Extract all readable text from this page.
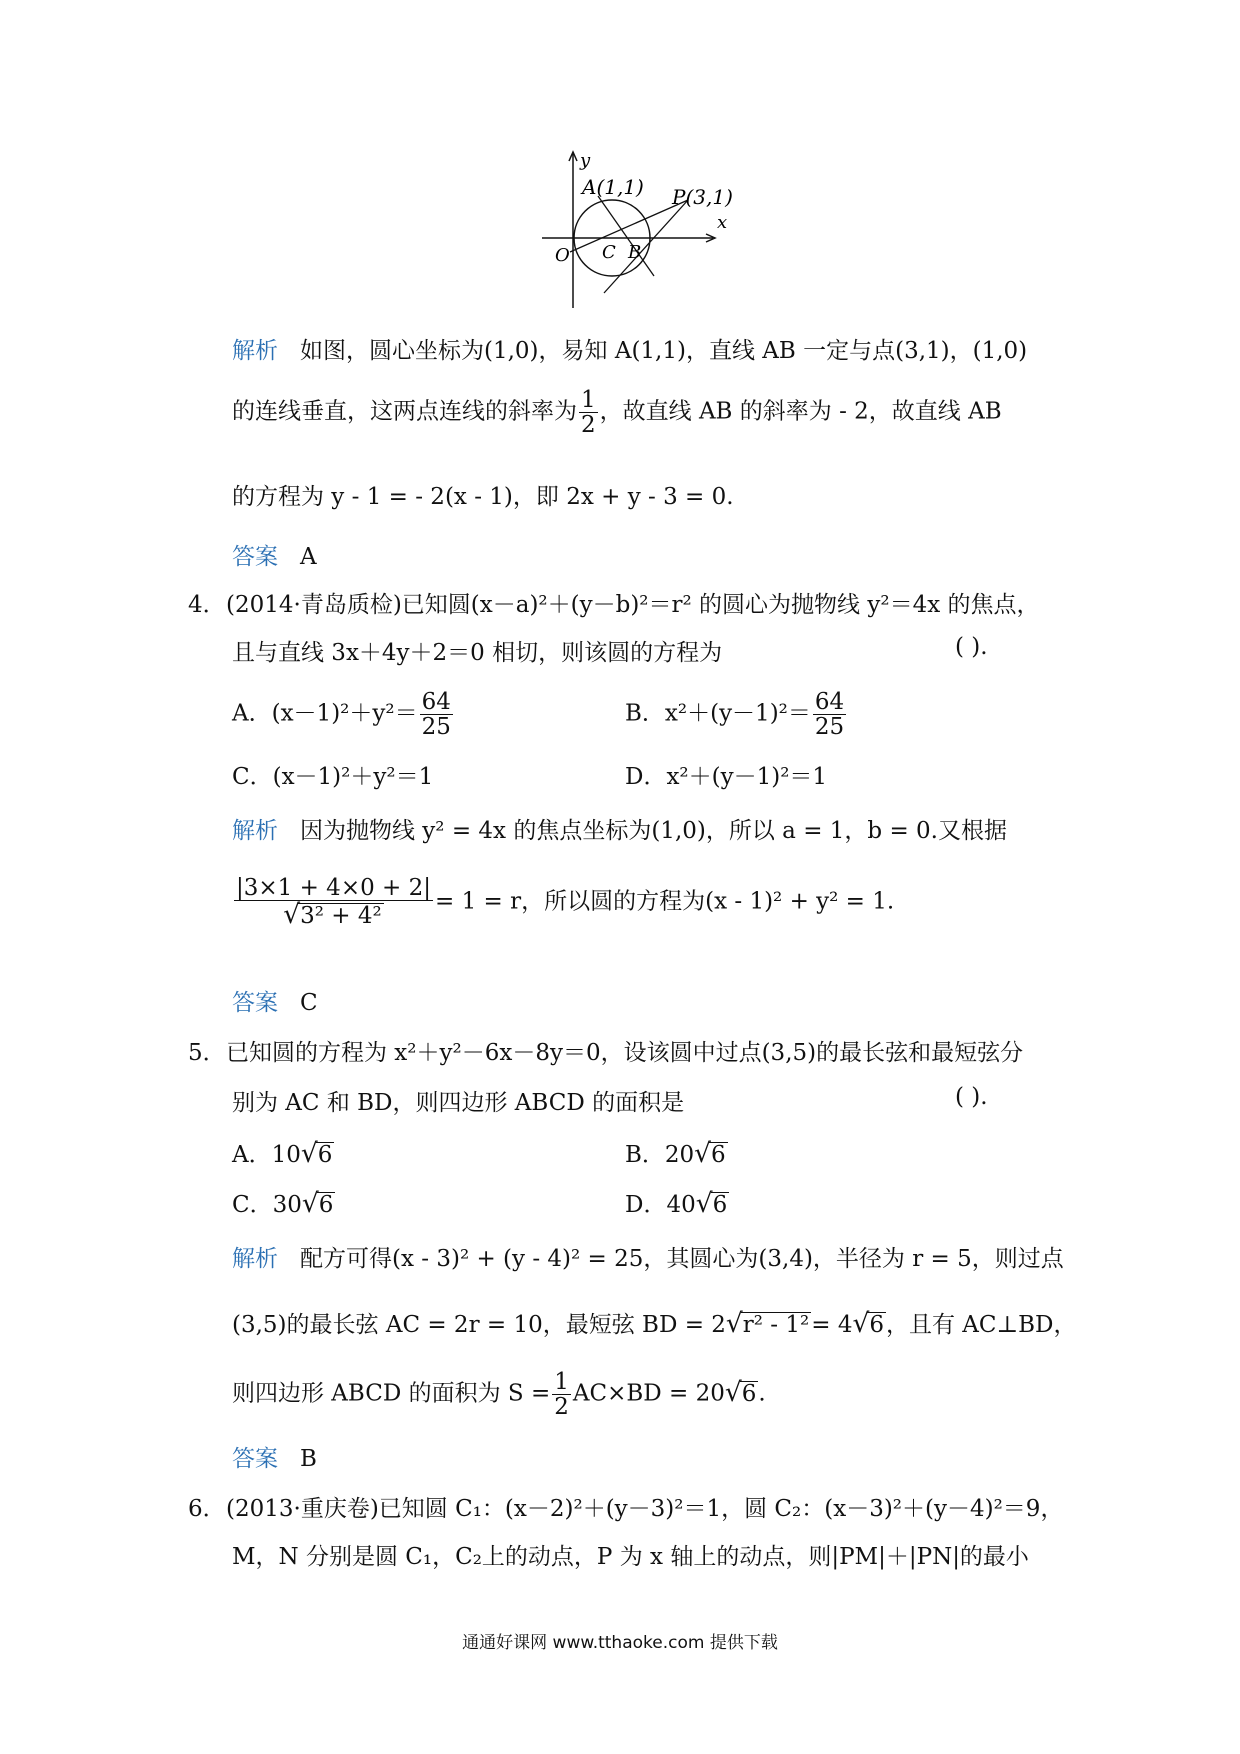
y
x
A(1,1) P(3,1)
O C B
解析 如图，圆心坐标为(1,0)，易知 A(1,1)，直线 AB 一定与点(3,1)，(1,0)
的连线垂直，这两点连线的斜率为 $\frac{1}{2}$ ，故直线 AB 的斜率为 - 2，故直线 AB
的方程为 y - 1 = - 2(x - 1)，即 2x + y - 3 = 0.
答案 A
4． (2014·青岛质检)已知圆(x－a)²＋(y－b)²＝r² 的圆心为抛物线 y²＝4x 的焦点，
且与直线 3x＋4y＋2＝0 相切，则该圆的方程为	( ).
A．$(x-1)^2+y^2= \frac{64}{25}$	B．$x^2+(y-1)^2= \frac{64}{25}$
C．(x－1)²＋y²＝1	D．x²＋(y－1)²＝1
解析 因为抛物线 y² = 4x 的焦点坐标为(1,0)，所以 a = 1，b = 0.又根据
$\frac{|3\times 1 + 4\times 0 + 2|}{\text{√3² + 4²}} = 1 = r$，所以圆的方程为(x - 1)² + y² = 1.
答案 C
5． 已知圆的方程为 x²＋y²－6x－8y＝0，设该圆中过点(3,5)的最长弦和最短弦分
别为 AC 和 BD，则四边形 ABCD 的面积是	( ).
A．10√6	B．20√6
C．30√6	D．40√6
解析 配方可得(x - 3)² + (y - 4)² = 25，其圆心为(3,4)，半径为 r = 5，则过点
(3,5)的最长弦 AC = 2r = 10，最短弦 BD = 2√r² - 1²= 4√6，且有 AC⊥BD，
则四边形 ABCD 的面积为 $S = \frac{1}{2} AC\times BD = 20√6$.
答案 B
6． (2013·重庆卷)已知圆 C₁：(x－2)²＋(y－3)²＝1，圆 C₂：(x－3)²＋(y－4)²＝9，
M，N 分别是圆 C₁，C₂上的动点，P 为 x 轴上的动点，则|PM|＋|PN|的最小
通通好课网 www.tthaoke.com 提供下载
